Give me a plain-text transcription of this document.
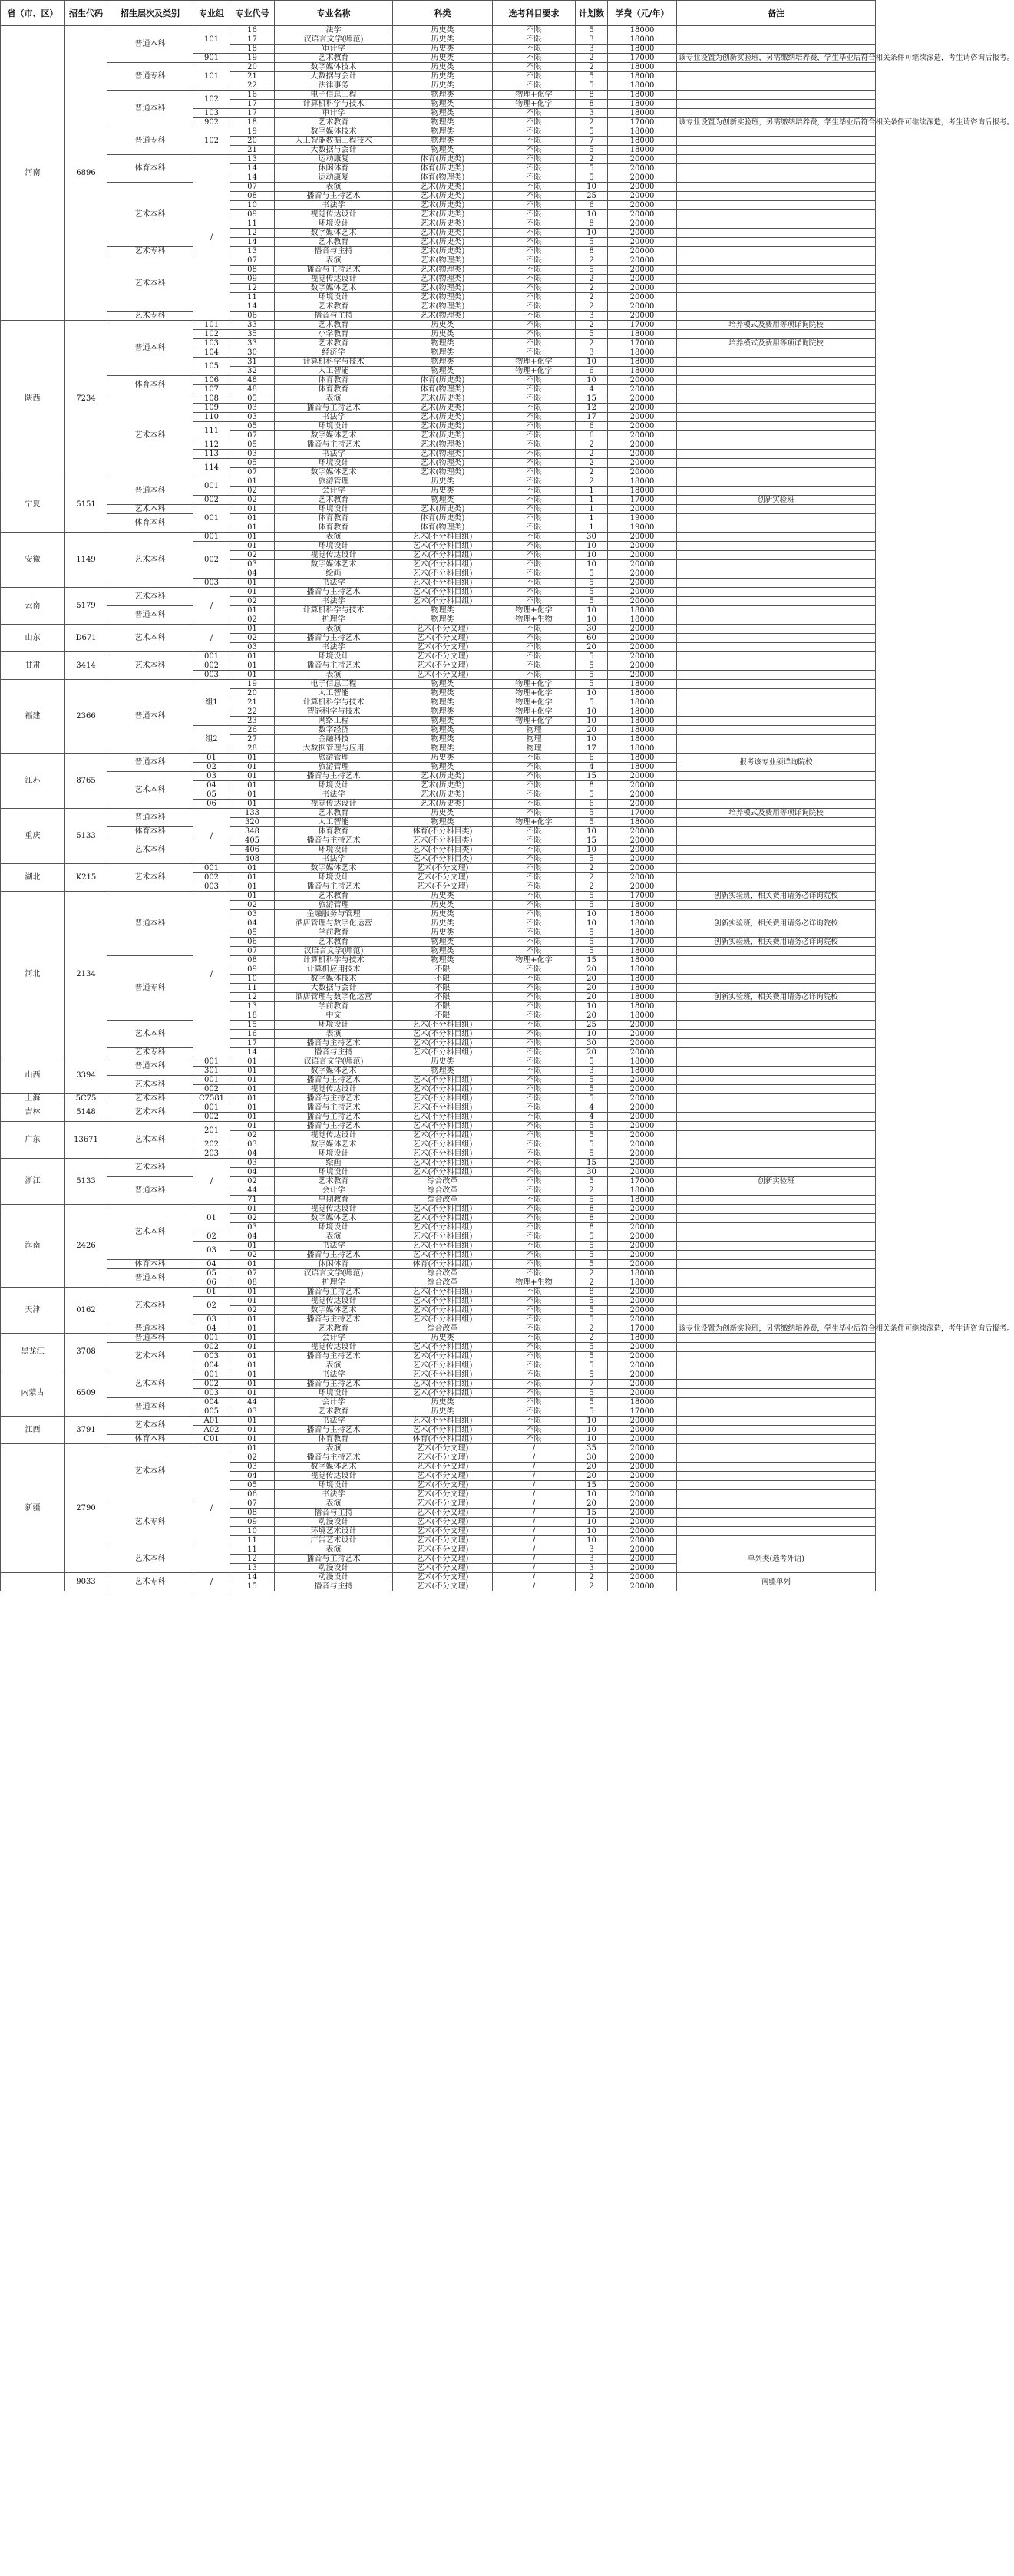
省（市、区）	招生代码	招生层次及类别	专业组	专业代号	专业名称	科类	选考科目要求	计划数	学费（元/年）	备注
河南	6896	普通本科	101	16	法学	历史类	不限	5	18000	
				17	汉语言文学(师范)	历史类	不限	3	18000	
				18	审计学	历史类	不限	3	18000	
			901	19	艺术教育	历史类	不限	2	17000	该专业设置为创新实验班，另需缴纳培养费，学生毕业后符合相关条件可继续深造，考生请咨询后报考。
		普通专科	101	20	数字媒体技术	历史类	不限	2	18000	
				21	大数据与会计	历史类	不限	5	18000	
				22	法律事务	历史类	不限	5	18000	
		普通本科	102	16	电子信息工程	物理类	物理+化学	8	18000	
				17	计算机科学与技术	物理类	物理+化学	8	18000	
			103	17	审计学	物理类	不限	3	18000	
			902	18	艺术教育	物理类	不限	2	17000	该专业设置为创新实验班，另需缴纳培养费，学生毕业后符合相关条件可继续深造，考生请咨询后报考。
		普通专科	102	19	数字媒体技术	物理类	不限	5	18000	
				20	人工智能数据工程技术	物理类	不限	7	18000	
				21	大数据与会计	物理类	不限	5	18000	
		体育本科	/	13	运动康复	体育(历史类)	不限	2	20000	
				14	休闲体育	体育(历史类)	不限	5	20000	
				14	运动康复	体育(物理类)	不限	5	20000	
		艺术本科		07	表演	艺术(历史类)	不限	10	20000	
				08	播音与主持艺术	艺术(历史类)	不限	25	20000	
				10	书法学	艺术(历史类)	不限	6	20000	
				09	视觉传达设计	艺术(历史类)	不限	10	20000	
				11	环境设计	艺术(历史类)	不限	8	20000	
				12	数字媒体艺术	艺术(历史类)	不限	10	20000	
				14	艺术教育	艺术(历史类)	不限	5	20000	
		艺术专科		13	播音与主持	艺术(历史类)	不限	8	20000	
		艺术本科		07	表演	艺术(物理类)	不限	2	20000	
				08	播音与主持艺术	艺术(物理类)	不限	5	20000	
				09	视觉传达设计	艺术(物理类)	不限	2	20000	
				12	数字媒体艺术	艺术(物理类)	不限	2	20000	
				11	环境设计	艺术(物理类)	不限	2	20000	
				14	艺术教育	艺术(物理类)	不限	2	20000	
		艺术专科		06	播音与主持	艺术(物理类)	不限	3	20000	
陕西	7234	普通本科	101	33	艺术教育	历史类	不限	2	17000	培养模式及费用等项详询院校
			102	35	小学教育	历史类	不限	5	18000	
			103	33	艺术教育	物理类	不限	2	17000	培养模式及费用等项详询院校
			104	30	经济学	物理类	不限	3	18000	
			105	31	计算机科学与技术	物理类	物理+化学	10	18000	
				32	人工智能	物理类	物理+化学	6	18000	
		体育本科	106	48	体育教育	体育(历史类)	不限	10	20000	
			107	48	体育教育	体育(物理类)	不限	4	20000	
		艺术本科	108	05	表演	艺术(历史类)	不限	15	20000	
			109	03	播音与主持艺术	艺术(历史类)	不限	12	20000	
			110	03	书法学	艺术(历史类)	不限	17	20000	
			111	05	环境设计	艺术(历史类)	不限	6	20000	
				07	数字媒体艺术	艺术(历史类)	不限	6	20000	
			112	05	播音与主持艺术	艺术(物理类)	不限	2	20000	
			113	03	书法学	艺术(物理类)	不限	2	20000	
			114	05	环境设计	艺术(物理类)	不限	2	20000	
				07	数字媒体艺术	艺术(物理类)	不限	2	20000	
宁夏	5151	普通本科	001	01	旅游管理	历史类	不限	2	18000	
				02	会计学	历史类	不限	1	18000	
			002	02	艺术教育	物理类	不限	1	17000	创新实验班
		艺术本科	001	01	环境设计	艺术(历史类)	不限	1	20000	
		体育本科		01	体育教育	体育(历史类)	不限	1	19000	
				01	体育教育	体育(物理类)	不限	1	19000	
安徽	1149	艺术本科	001	01	表演	艺术(不分科目组)	不限	30	20000	
			002	01	环境设计	艺术(不分科目组)	不限	10	20000	
				02	视觉传达设计	艺术(不分科目组)	不限	10	20000	
				03	数字媒体艺术	艺术(不分科目组)	不限	10	20000	
				04	绘画	艺术(不分科目组)	不限	5	20000	
			003	01	书法学	艺术(不分科目组)	不限	5	20000	
云南	5179	艺术本科	/	01	播音与主持艺术	艺术(不分科目组)	不限	5	20000	
				02	书法学	艺术(不分科目组)	不限	5	20000	
		普通本科		01	计算机科学与技术	物理类	物理+化学	10	18000	
				02	护理学	物理类	物理+生物	10	18000	
山东	D671	艺术本科	/	01	表演	艺术(不分文理)	不限	30	20000	
				02	播音与主持艺术	艺术(不分文理)	不限	60	20000	
				03	书法学	艺术(不分文理)	不限	20	20000	
甘肃	3414	艺术本科	001	01	环境设计	艺术(不分文理)	不限	5	20000	
			002	01	播音与主持艺术	艺术(不分文理)	不限	5	20000	
			003	01	表演	艺术(不分文理)	不限	5	20000	
福建	2366	普通本科	组1	19	电子信息工程	物理类	物理+化学	5	18000	
				20	人工智能	物理类	物理+化学	10	18000	
				21	计算机科学与技术	物理类	物理+化学	5	18000	
				22	智能科学与技术	物理类	物理+化学	10	18000	
				23	网络工程	物理类	物理+化学	10	18000	
			组2	26	数字经济	物理类	物理	20	18000	
				27	金融科技	物理类	物理	10	18000	
				28	大数据管理与应用	物理类	物理	17	18000	
江苏	8765	普通本科	01	01	旅游管理	历史类	不限	6	18000	报考该专业须详询院校
			02	01	旅游管理	物理类	不限	4	18000	
		艺术本科	03	01	播音与主持艺术	艺术(历史类)	不限	15	20000	
			04	01	环境设计	艺术(历史类)	不限	8	20000	
			05	01	书法学	艺术(历史类)	不限	5	20000	
			06	01	视觉传达设计	艺术(历史类)	不限	6	20000	
重庆	5133	普通本科	/	133	艺术教育	历史类	不限	5	17000	培养模式及费用等项详询院校
				320	人工智能	物理类	物理+化学	5	18000	
		体育本科		348	体育教育	体育(不分科目类)	不限	10	20000	
		艺术本科		405	播音与主持艺术	艺术(不分科目类)	不限	15	20000	
				406	环境设计	艺术(不分科目类)	不限	10	20000	
				408	书法学	艺术(不分科目类)	不限	5	20000	
湖北	K215	艺术本科	001	01	数字媒体艺术	艺术(不分文理)	不限	2	20000	
			002	01	环境设计	艺术(不分文理)	不限	2	20000	
			003	01	播音与主持艺术	艺术(不分文理)	不限	2	20000	
河北	2134	普通本科	/	01	艺术教育	历史类	不限	5	17000	创新实验班，相关费用请务必详询院校
				02	旅游管理	历史类	不限	5	18000	
				03	金融服务与管理	历史类	不限	10	18000	
				04	酒店管理与数字化运营	历史类	不限	10	18000	创新实验班，相关费用请务必详询院校
				05	学前教育	历史类	不限	5	18000	
				06	艺术教育	物理类	不限	5	17000	创新实验班，相关费用请务必详询院校
				07	汉语言文学(师范)	物理类	不限	5	18000	
		普通专科		08	计算机科学与技术	物理类	物理+化学	15	18000	
				09	计算机应用技术	不限	不限	20	18000	
				10	数字媒体技术	不限	不限	20	18000	
				11	大数据与会计	不限	不限	20	18000	
				12	酒店管理与数字化运营	不限	不限	20	18000	创新实验班，相关费用请务必详询院校
				13	学前教育	不限	不限	10	18000	
				18	中文	不限	不限	20	18000	
		艺术本科		15	环境设计	艺术(不分科目组)	不限	25	20000	
				16	表演	艺术(不分科目组)	不限	10	20000	
				17	播音与主持艺术	艺术(不分科目组)	不限	30	20000	
		艺术专科		14	播音与主持	艺术(不分科目组)	不限	20	20000	
山西	3394	普通本科	001	01	汉语言文学(师范)	历史类	不限	5	18000	
			301	01	数字媒体艺术	物理类	不限	3	18000	
		艺术本科	001	01	播音与主持艺术	艺术(不分科目组)	不限	5	20000	
			002	01	视觉传达设计	艺术(不分科目组)	不限	5	20000	
上海	5C75	艺术本科	C7581	01	播音与主持艺术	艺术(不分科目组)	不限	5	20000	
吉林	5148	艺术本科	001	01	播音与主持艺术	艺术(不分科目组)	不限	4	20000	
			002	01	播音与主持艺术	艺术(不分科目组)	不限	4	20000	
广东	13671	艺术本科	201	01	播音与主持艺术	艺术(不分科目组)	不限	5	20000	
				02	视觉传达设计	艺术(不分科目组)	不限	5	20000	
			202	03	数字媒体艺术	艺术(不分科目组)	不限	5	20000	
			203	04	环境设计	艺术(不分科目组)	不限	5	20000	
浙江	5133	艺术本科	/	03	绘画	艺术(不分科目组)	不限	15	20000	
				04	环境设计	艺术(不分科目组)	不限	30	20000	
		普通本科		02	艺术教育	综合改革	不限	5	17000	创新实验班
				44	会计学	综合改革	不限	2	18000	
				71	早期教育	综合改革	不限	5	18000	
海南	2426	艺术本科	01	01	视觉传达设计	艺术(不分科目组)	不限	8	20000	
				02	数字媒体艺术	艺术(不分科目组)	不限	8	20000	
				03	环境设计	艺术(不分科目组)	不限	8	20000	
			02	04	表演	艺术(不分科目组)	不限	5	20000	
			03	01	书法学	艺术(不分科目组)	不限	5	20000	
				02	播音与主持艺术	艺术(不分科目组)	不限	5	20000	
		体育本科	04	01	休闲体育	体育(不分科目组)	不限	5	20000	
		普通本科	05	07	汉语言文学(师范)	综合改革	不限	2	18000	
			06	08	护理学	综合改革	物理+生物	2	18000	
天津	0162	艺术本科	01	01	播音与主持艺术	艺术(不分科目组)	不限	8	20000	
			02	01	视觉传达设计	艺术(不分科目组)	不限	5	20000	
				02	数字媒体艺术	艺术(不分科目组)	不限	5	20000	
			03	01	播音与主持艺术	艺术(不分科目组)	不限	5	20000	
		普通本科	04	01	艺术教育	综合改革	不限	2	17000	该专业设置为创新实验班，另需缴纳培养费，学生毕业后符合相关条件可继续深造，考生请咨询后报考。
黑龙江	3708	普通本科	001	01	会计学	历史类	不限	2	18000	
		艺术本科	002	01	视觉传达设计	艺术(不分科目组)	不限	5	20000	
			003	01	播音与主持艺术	艺术(不分科目组)	不限	5	20000	
			004	01	表演	艺术(不分科目组)	不限	5	20000	
内蒙古	6509	艺术本科	001	01	书法学	艺术(不分科目组)	不限	5	20000	
			002	01	播音与主持艺术	艺术(不分科目组)	不限	7	20000	
			003	01	环境设计	艺术(不分科目组)	不限	5	20000	
		普通本科	004	44	会计学	历史类	不限	5	18000	
			005	03	艺术教育	历史类	不限	5	17000	
江西	3791	艺术本科	A01	01	书法学	艺术(不分科目组)	不限	10	20000	
			A02	01	播音与主持艺术	艺术(不分科目组)	不限	10	20000	
		体育本科	C01	01	体育教育	体育(不分科目组)	不限	10	20000	
新疆	2790	艺术本科	/	01	表演	艺术(不分文理)	/	35	20000	
				02	播音与主持艺术	艺术(不分文理)	/	30	20000	
				03	数字媒体艺术	艺术(不分文理)	/	20	20000	
				04	视觉传达设计	艺术(不分文理)	/	20	20000	
				05	环境设计	艺术(不分文理)	/	15	20000	
				06	书法学	艺术(不分文理)	/	10	20000	
		艺术专科		07	表演	艺术(不分文理)	/	20	20000	
				08	播音与主持	艺术(不分文理)	/	15	20000	
				09	动漫设计	艺术(不分文理)	/	10	20000	
				10	环境艺术设计	艺术(不分文理)	/	10	20000	
				11	广告艺术设计	艺术(不分文理)	/	10	20000	
		艺术本科		11	表演	艺术(不分文理)	/	3	20000	单列类(选考外语)
				12	播音与主持艺术	艺术(不分文理)	/	3	20000	
				13	动漫设计	艺术(不分文理)	/	3	20000	
	9033	艺术专科	/	14	动漫设计	艺术(不分文理)	/	2	20000	南疆单列
				15	播音与主持	艺术(不分文理)	/	2	20000	
